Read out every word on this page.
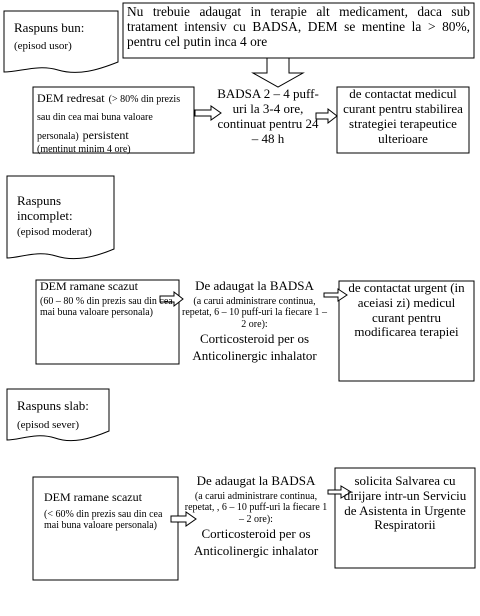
Raspuns bun:
(episod usor)
Nu trebuie adaugat in terapie alt medicament, daca sub tratament intensiv cu BADSA, DEM se mentine la > 80%, pentru cel putin inca 4 ore
DEM redresat (> 80% din prezis sau din cea mai buna valoare personala) persistent
(mentinut minim 4 ore)
BADSA 2 – 4 puff-uri la 3-4 ore, continuat pentru 24 – 48 h
de contactat medicul curant pentru stabilirea strategiei terapeutice ulterioare
Raspuns
incomplet:
(episod moderat)
DEM ramane scazut
(60 – 80 % din prezis sau din cea mai buna valoare personala)
De adaugat la BADSA
(a carui administrare continua, repetat, 6 – 10 puff-uri la fiecare 1 – 2 ore):
Corticosteroid per os
Anticolinergic inhalator
de contactat urgent (in aceiasi zi) medicul curant pentru modificarea terapiei
Raspuns slab:
(episod sever)
DEM ramane scazut
(< 60% din prezis sau din cea mai buna valoare personala)
De adaugat la BADSA
(a carui administrare continua, repetat, , 6 – 10 puff-uri la fiecare 1 – 2 ore):
Corticosteroid per os
Anticolinergic inhalator
solicita Salvarea cu dirijare intr-un Serviciu de Asistenta in Urgente Respiratorii
